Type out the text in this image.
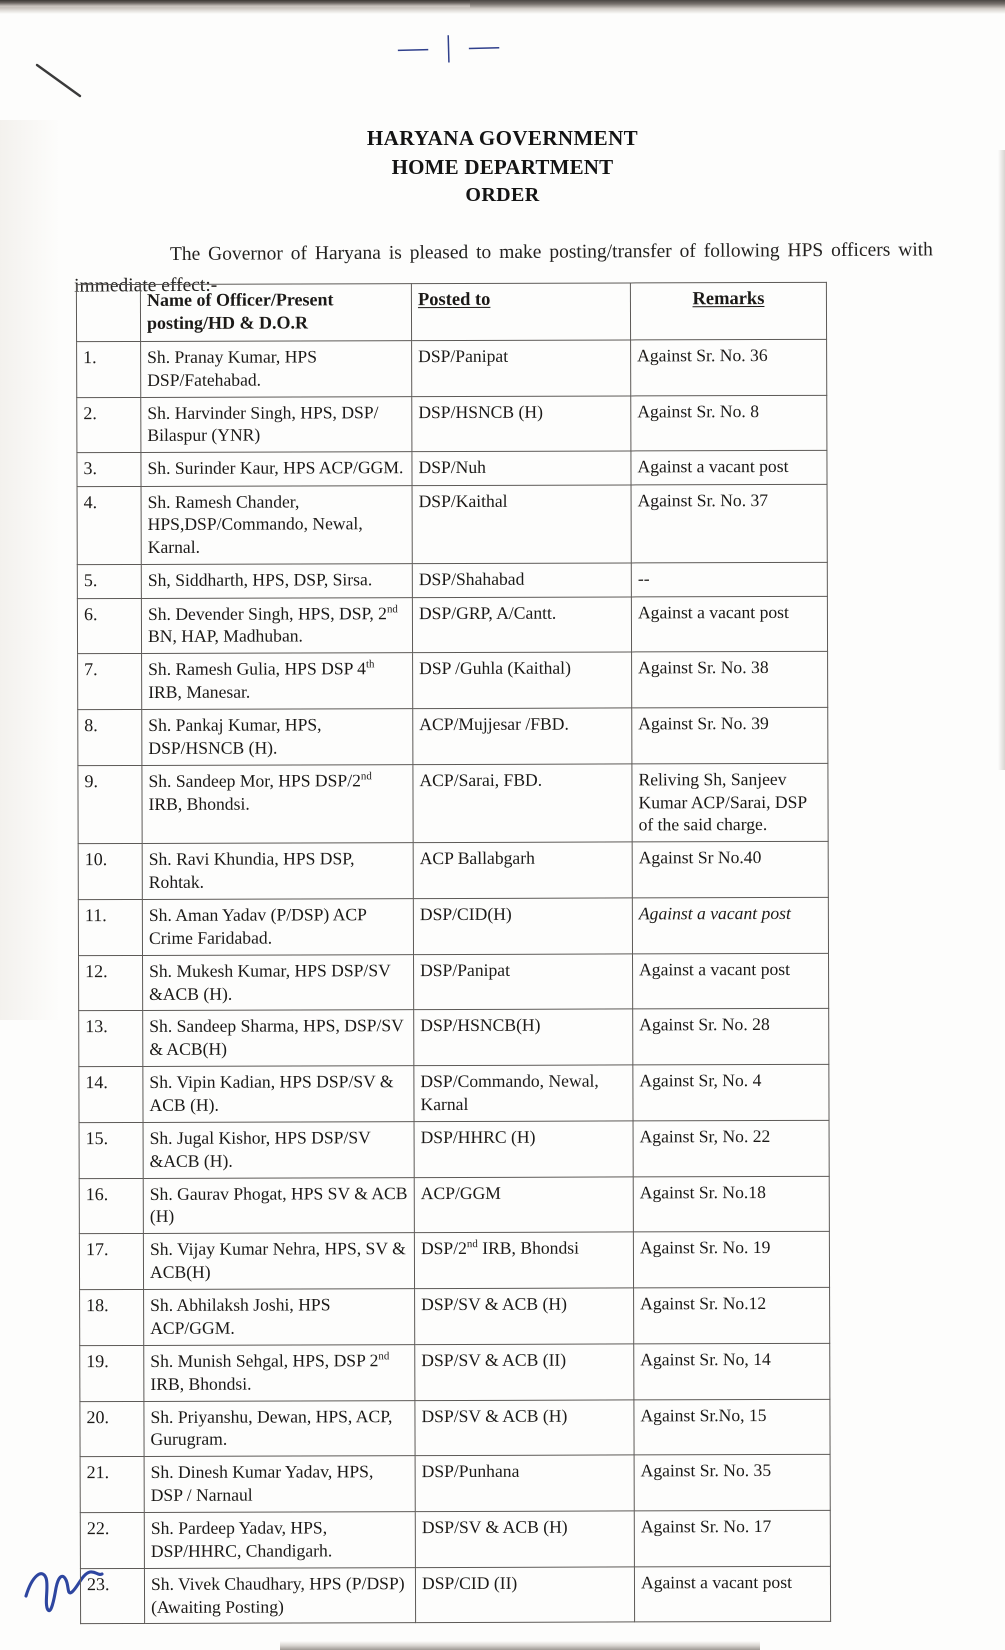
— | —
HARYANA GOVERNMENT
HOME DEPARTMENT
ORDER
The Governor of Haryana is pleased to make posting/transfer of following HPS officers with immediate effect:-
	Name of Officer/Present posting/HD & D.O.R	Posted to	Remarks

1.	Sh. Pranay Kumar, HPS DSP/Fatehabad.	DSP/Panipat	Against Sr. No. 36
2.	Sh. Harvinder Singh, HPS, DSP/ Bilaspur (YNR)	DSP/HSNCB (H)	Against Sr. No. 8
3.	Sh. Surinder Kaur, HPS ACP/GGM.	DSP/Nuh	Against a vacant post
4.	Sh. Ramesh Chander, HPS,DSP/Commando, Newal, Karnal.	DSP/Kaithal	Against Sr. No. 37
5.	Sh, Siddharth, HPS, DSP, Sirsa.	DSP/Shahabad	--
6.	Sh. Devender Singh, HPS, DSP, 2nd BN, HAP, Madhuban.	DSP/GRP, A/Cantt.	Against a vacant post
7.	Sh. Ramesh Gulia, HPS DSP 4th IRB, Manesar.	DSP /Guhla (Kaithal)	Against Sr. No. 38
8.	Sh. Pankaj Kumar, HPS, DSP/HSNCB (H).	ACP/Mujjesar /FBD.	Against Sr. No. 39
9.	Sh. Sandeep Mor, HPS DSP/2nd IRB, Bhondsi.	ACP/Sarai, FBD.	Reliving Sh, Sanjeev Kumar ACP/Sarai, DSP of the said charge.
10.	Sh. Ravi Khundia, HPS DSP, Rohtak.	ACP Ballabgarh	Against Sr No.40
11.	Sh. Aman Yadav (P/DSP) ACP Crime Faridabad.	DSP/CID(H)	Against a vacant post
12.	Sh. Mukesh Kumar, HPS DSP/SV &ACB (H).	DSP/Panipat	Against a vacant post
13.	Sh. Sandeep Sharma, HPS, DSP/SV & ACB(H)	DSP/HSNCB(H)	Against Sr. No. 28
14.	Sh. Vipin Kadian, HPS DSP/SV & ACB (H).	DSP/Commando, Newal, Karnal	Against Sr, No. 4
15.	Sh. Jugal Kishor, HPS DSP/SV &ACB (H).	DSP/HHRC (H)	Against Sr, No. 22
16.	Sh. Gaurav Phogat, HPS SV & ACB (H)	ACP/GGM	Against Sr. No.18
17.	Sh. Vijay Kumar Nehra, HPS, SV & ACB(H)	DSP/2nd IRB, Bhondsi	Against Sr. No. 19
18.	Sh. Abhilaksh Joshi, HPS ACP/GGM.	DSP/SV & ACB (H)	Against Sr. No.12
19.	Sh. Munish Sehgal, HPS, DSP 2nd IRB, Bhondsi.	DSP/SV & ACB (II)	Against Sr. No, 14
20.	Sh. Priyanshu, Dewan, HPS, ACP, Gurugram.	DSP/SV & ACB (H)	Against Sr.No, 15
21.	Sh. Dinesh Kumar Yadav, HPS, DSP / Narnaul	DSP/Punhana	Against Sr. No. 35
22.	Sh. Pardeep Yadav, HPS, DSP/HHRC, Chandigarh.	DSP/SV & ACB (H)	Against Sr. No. 17
23.	Sh. Vivek Chaudhary, HPS (P/DSP) (Awaiting Posting)	DSP/CID (II)	Against a vacant post
